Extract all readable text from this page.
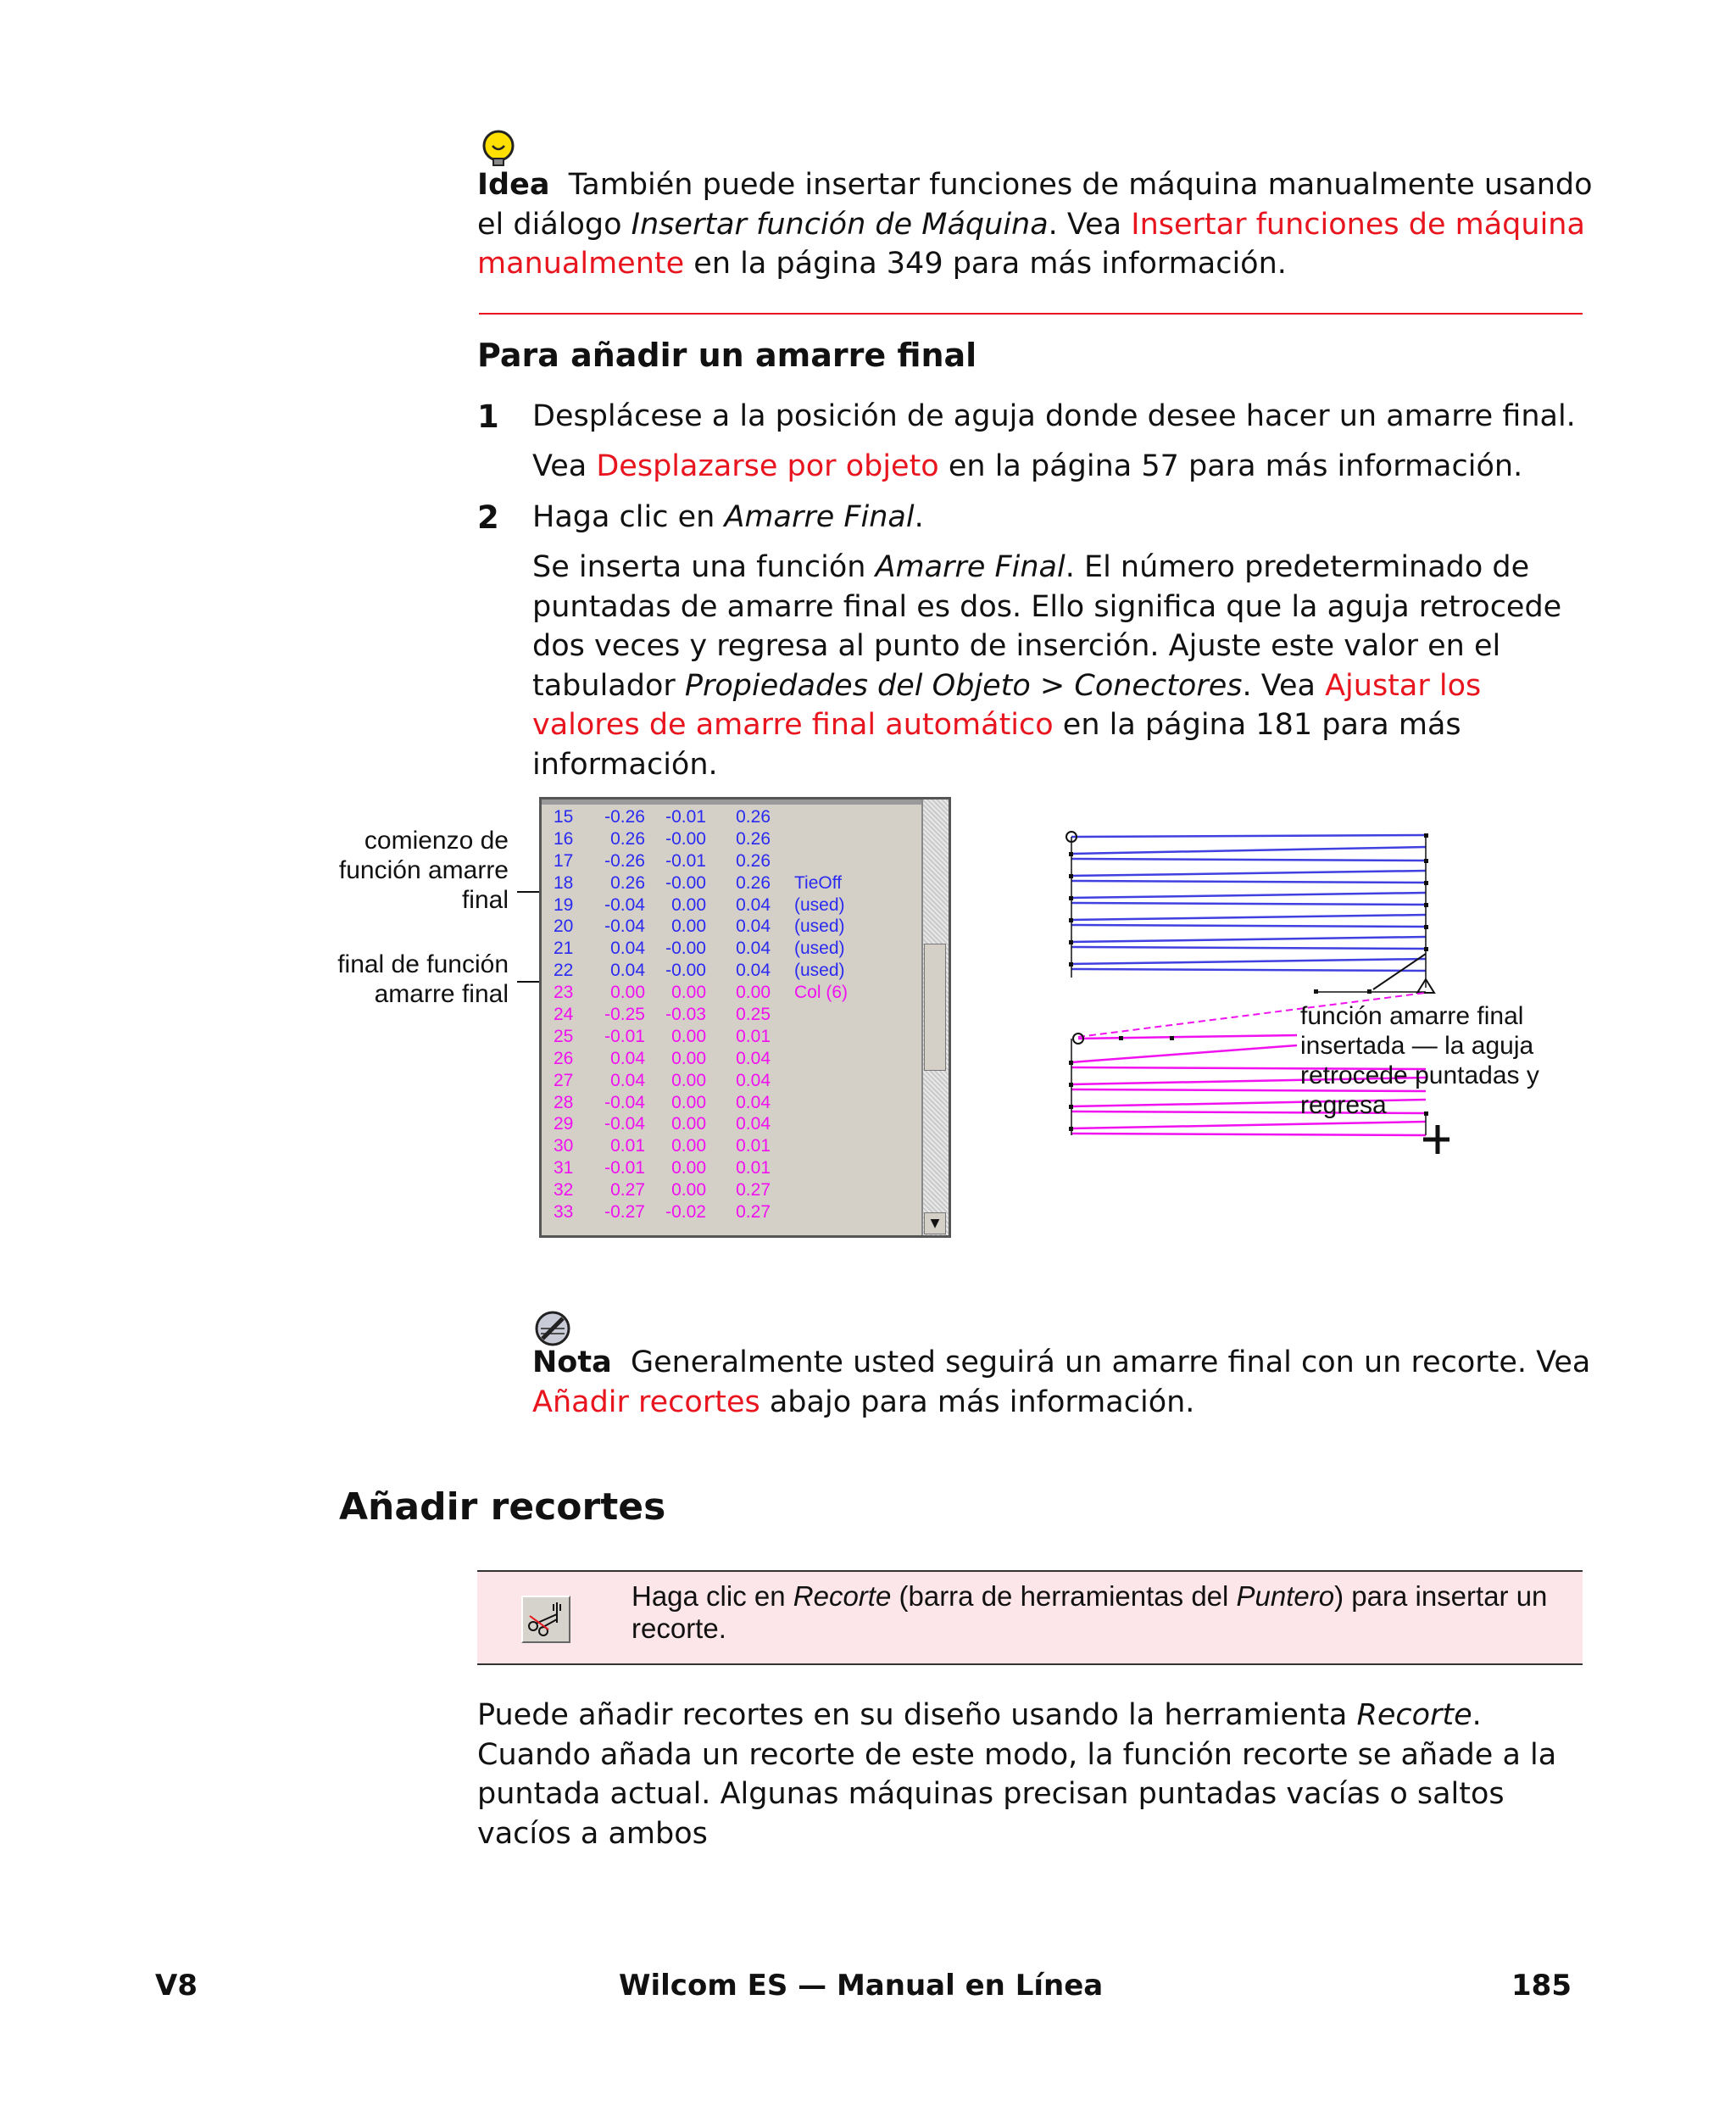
Idea También puede insertar funciones de máquina manualmente usando el diálogo Insertar función de Máquina. Vea Insertar funciones de máquina manualmente en la página 349 para más información.
Para añadir un amarre final
1 Desplácese a la posición de aguja donde desee hacer un amarre final.
Vea Desplazarse por objeto en la página 57 para más información.
2 Haga clic en Amarre Final.
Se inserta una función Amarre Final. El número predeterminado de puntadas de amarre final es dos. Ello significa que la aguja retrocede dos veces y regresa al punto de inserción. Ajuste este valor en el tabulador Propiedades del Objeto > Conectores. Vea Ajustar los valores de amarre final automático en la página 181 para más información.
comienzo de función amarre final
final de función amarre final
15	-0.26	-0.01	0.26
16	0.26	-0.00	0.26
17	-0.26	-0.01	0.26
18	0.26	-0.00	0.26 TieOff
19	-0.04	0.00	0.04 (used)
20	-0.04	0.00	0.04 (used)
21	0.04	-0.00	0.04 (used)
22	0.04	-0.00	0.04 (used)
23	0.00	0.00	0.00 Col (6)
24	-0.25	-0.03	0.25
25	-0.01	0.00	0.01
26	0.04	0.00	0.04
27	0.04	0.00	0.04
28	-0.04	0.00	0.04
29	-0.04	0.00	0.04
30	0.01	0.00	0.01
31	-0.01	0.00	0.01
32	0.27	0.00	0.27
33	-0.27	-0.02	0.27
▼
función amarre final insertada — la aguja retrocede puntadas y regresa
Nota Generalmente usted seguirá un amarre final con un recorte. Vea Añadir recortes abajo para más información.
Añadir recortes
Haga clic en Recorte (barra de herramientas del Puntero) para insertar un recorte.
Puede añadir recortes en su diseño usando la herramienta Recorte. Cuando añada un recorte de este modo, la función recorte se añade a la puntada actual. Algunas máquinas precisan puntadas vacías o saltos vacíos a ambos
V8	Wilcom ES — Manual en Línea	185
